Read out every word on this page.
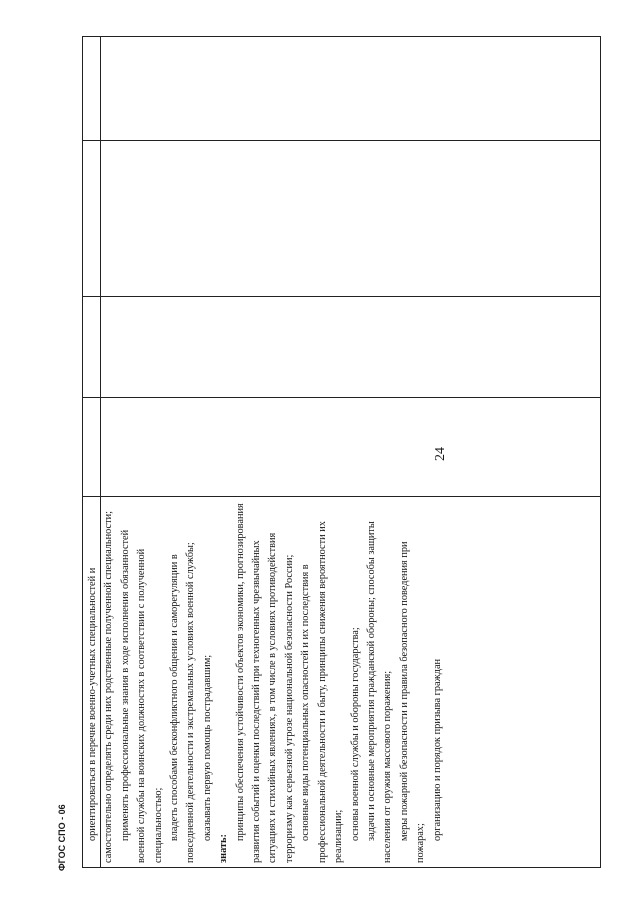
24
ориентироваться в перечне военно-учетных специальностей и самостоятельно определять среди них родственные полученной специальности; применять профессиональные знания в ходе исполнения обязанностей военной службы на воинских должностях в соответствии с полученной специальностью; владеть способами бесконфликтного общения и саморегуляции в повседневной деятельности и экстремальных условиях военной службы; оказывать первую помощь пострадавшим;
знать:
принципы обеспечения устойчивости объектов экономики, прогнозирования развития событий и оценки последствий при техногенных чрезвычайных ситуациях и стихийных явлениях, в том числе в условиях противодействия терроризму как серьезной угрозе национальной безопасности России; основные виды потенциальных опасностей и их последствия в профессиональной деятельности и быту, принципы снижения вероятности их реализации; основы военной службы и обороны государства; задачи и основные мероприятия гражданской обороны; способы защиты населения от оружия массового поражения; меры пожарной безопасности и правила безопасного поведения при пожарах;
организацию и порядок призыва граждан
ФГОС СПО - 06
